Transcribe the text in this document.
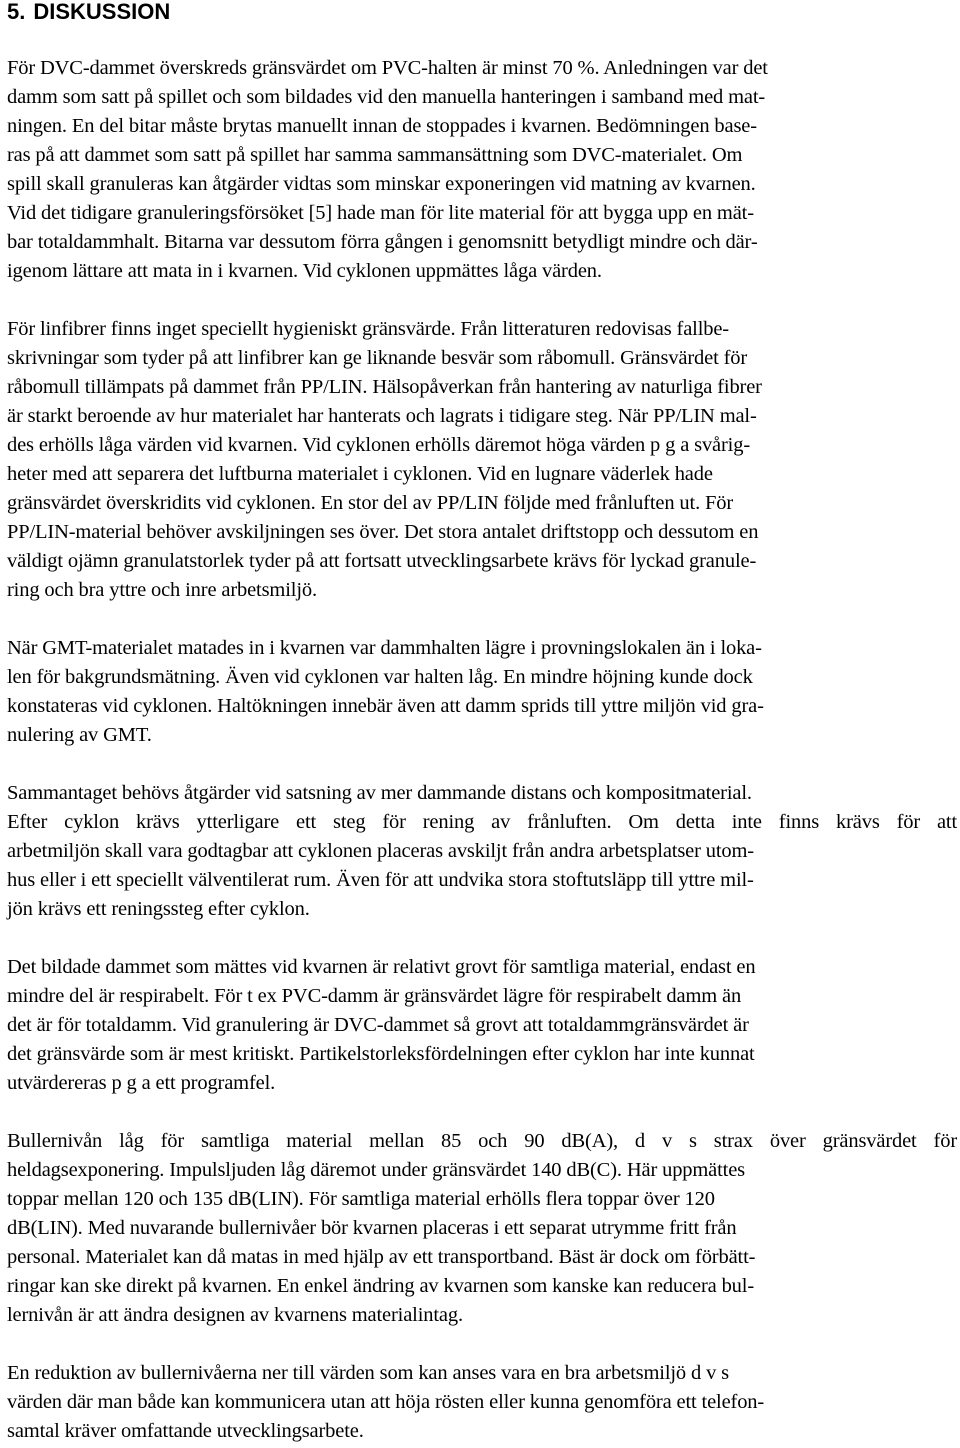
5. DISKUSSION

För DVC-dammet överskreds gränsvärdet om PVC-halten är minst 70 %. Anledningen var det
damm som satt på spillet och som bildades vid den manuella hanteringen i samband med mat-
ningen. En del bitar måste brytas manuellt innan de stoppades i kvarnen. Bedömningen base-
ras på att dammet som satt på spillet har samma sammansättning som DVC-materialet. Om
spill skall granuleras kan åtgärder vidtas som minskar exponeringen vid matning av kvarnen.
Vid det tidigare granuleringsförsöket [5] hade man för lite material för att bygga upp en mät-
bar totaldammhalt. Bitarna var dessutom förra gången i genomsnitt betydligt mindre och där-
igenom lättare att mata in i kvarnen. Vid cyklonen uppmättes låga värden.

För linfibrer finns inget speciellt hygieniskt gränsvärde. Från litteraturen redovisas fallbe-
skrivningar som tyder på att linfibrer kan ge liknande besvär som råbomull. Gränsvärdet för
råbomull tillämpats på dammet från PP/LIN. Hälsopåverkan från hantering av naturliga fibrer
är starkt beroende av hur materialet har hanterats och lagrats i tidigare steg. När PP/LIN mal-
des erhölls låga värden vid kvarnen. Vid cyklonen erhölls däremot höga värden p g a svårig-
heter med att separera det luftburna materialet i cyklonen. Vid en lugnare väderlek hade
gränsvärdet överskridits vid cyklonen. En stor del av PP/LIN följde med frånluften ut. För
PP/LIN-material behöver avskiljningen ses över. Det stora antalet driftstopp och dessutom en
väldigt ojämn granulatstorlek tyder på att fortsatt utvecklingsarbete krävs för lyckad granule-
ring och bra yttre och inre arbetsmiljö.

När GMT-materialet matades in i kvarnen var dammhalten lägre i provningslokalen än i loka-
len för bakgrundsmätning. Även vid cyklonen var halten låg. En mindre höjning kunde dock
konstateras vid cyklonen. Haltökningen innebär även att damm sprids till yttre miljön vid gra-
nulering av GMT.

Sammantaget behövs åtgärder vid satsning av mer dammande distans och kompositmaterial.
Efter cyklon krävs ytterligare ett steg för rening av frånluften. Om detta inte finns krävs för att
arbetmiljön skall vara godtagbar att cyklonen placeras avskiljt från andra arbetsplatser utom-
hus eller i ett speciellt välventilerat rum. Även för att undvika stora stoftutsläpp till yttre mil-
jön krävs ett reningssteg efter cyklon.

Det bildade dammet som mättes vid kvarnen är relativt grovt för samtliga material, endast en
mindre del är respirabelt. För t ex PVC-damm är gränsvärdet lägre för respirabelt damm än
det är för totaldamm. Vid granulering är DVC-dammet så grovt att totaldammgränsvärdet är
det gränsvärde som är mest kritiskt. Partikelstorleksfördelningen efter cyklon har inte kunnat
utvärdereras p g a ett programfel.

Bullernivån låg för samtliga material mellan 85 och 90 dB(A), d v s strax över gränsvärdet för
heldagsexponering. Impulsljuden låg däremot under gränsvärdet 140 dB(C). Här uppmättes
toppar mellan 120 och 135 dB(LIN). För samtliga material erhölls flera toppar över 120
dB(LIN). Med nuvarande bullernivåer bör kvarnen placeras i ett separat utrymme fritt från
personal. Materialet kan då matas in med hjälp av ett transportband. Bäst är dock om förbätt-
ringar kan ske direkt på kvarnen. En enkel ändring av kvarnen som kanske kan reducera bul-
lernivån är att ändra designen av kvarnens materialintag.

En reduktion av bullernivåerna ner till värden som kan anses vara en bra arbetsmiljö d v s
värden där man både kan kommunicera utan att höja rösten eller kunna genomföra ett telefon-
samtal kräver omfattande utvecklingsarbete.
